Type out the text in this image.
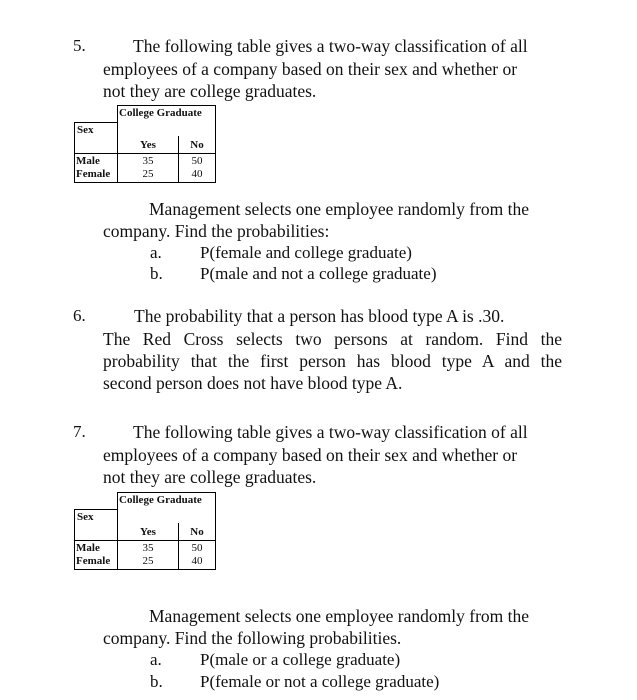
5.	The following table gives a two-way classification of all
employees of a company based on their sex and whether or
not they are college graduates.
College Graduate
Sex
Yes	No
Male	35	50
Female	25	40
Management selects one employee randomly from the
company. Find the probabilities:
a. P(female and college graduate)
b. P(male and not a college graduate)
6.	The probability that a person has blood type A is .30.
The Red Cross selects two persons at random. Find the
probability that the first person has blood type A and the
second person does not have blood type A.
7.	The following table gives a two-way classification of all
employees of a company based on their sex and whether or
not they are college graduates.
College Graduate
Sex
Yes	No
Male	35	50
Female	25	40
Management selects one employee randomly from the
company. Find the following probabilities.
a. P(male or a college graduate)
b. P(female or not a college graduate)
